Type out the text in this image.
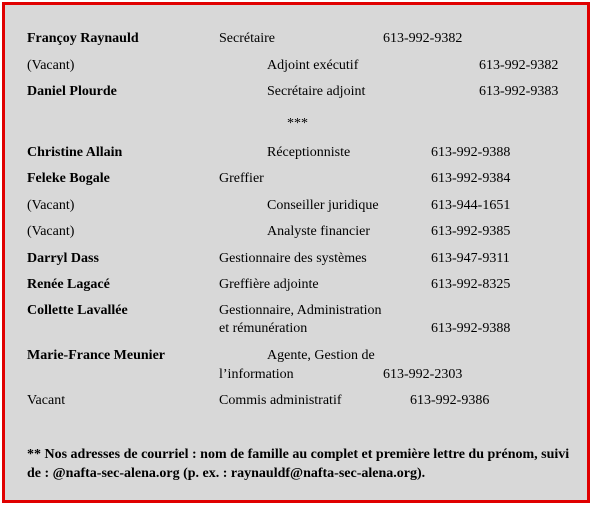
Françoy Raynauld	Secrétaire	613-992-9382
(Vacant)	Adjoint exécutif	613-992-9382
Daniel Plourde	Secrétaire adjoint	613-992-9383
***
Christine Allain	Réceptionniste	613-992-9388
Feleke Bogale	Greffier	613-992-9384
(Vacant)	Conseiller juridique	613-944-1651
(Vacant)	Analyste financier	613-992-9385
Darryl Dass	Gestionnaire des systèmes	613-947-9311
Renée Lagacé	Greffière adjointe	613-992-8325
Collette Lavallée	Gestionnaire, Administration
et rémunération	613-992-9388
Marie-France Meunier	Agente, Gestion de
l’information	613-992-2303
Vacant	Commis administratif	613-992-9386
** Nos adresses de courriel : nom de famille au complet et première lettre du prénom, suivi de : @nafta-sec-alena.org (p. ex. : raynauldf@nafta-sec-alena.org).
